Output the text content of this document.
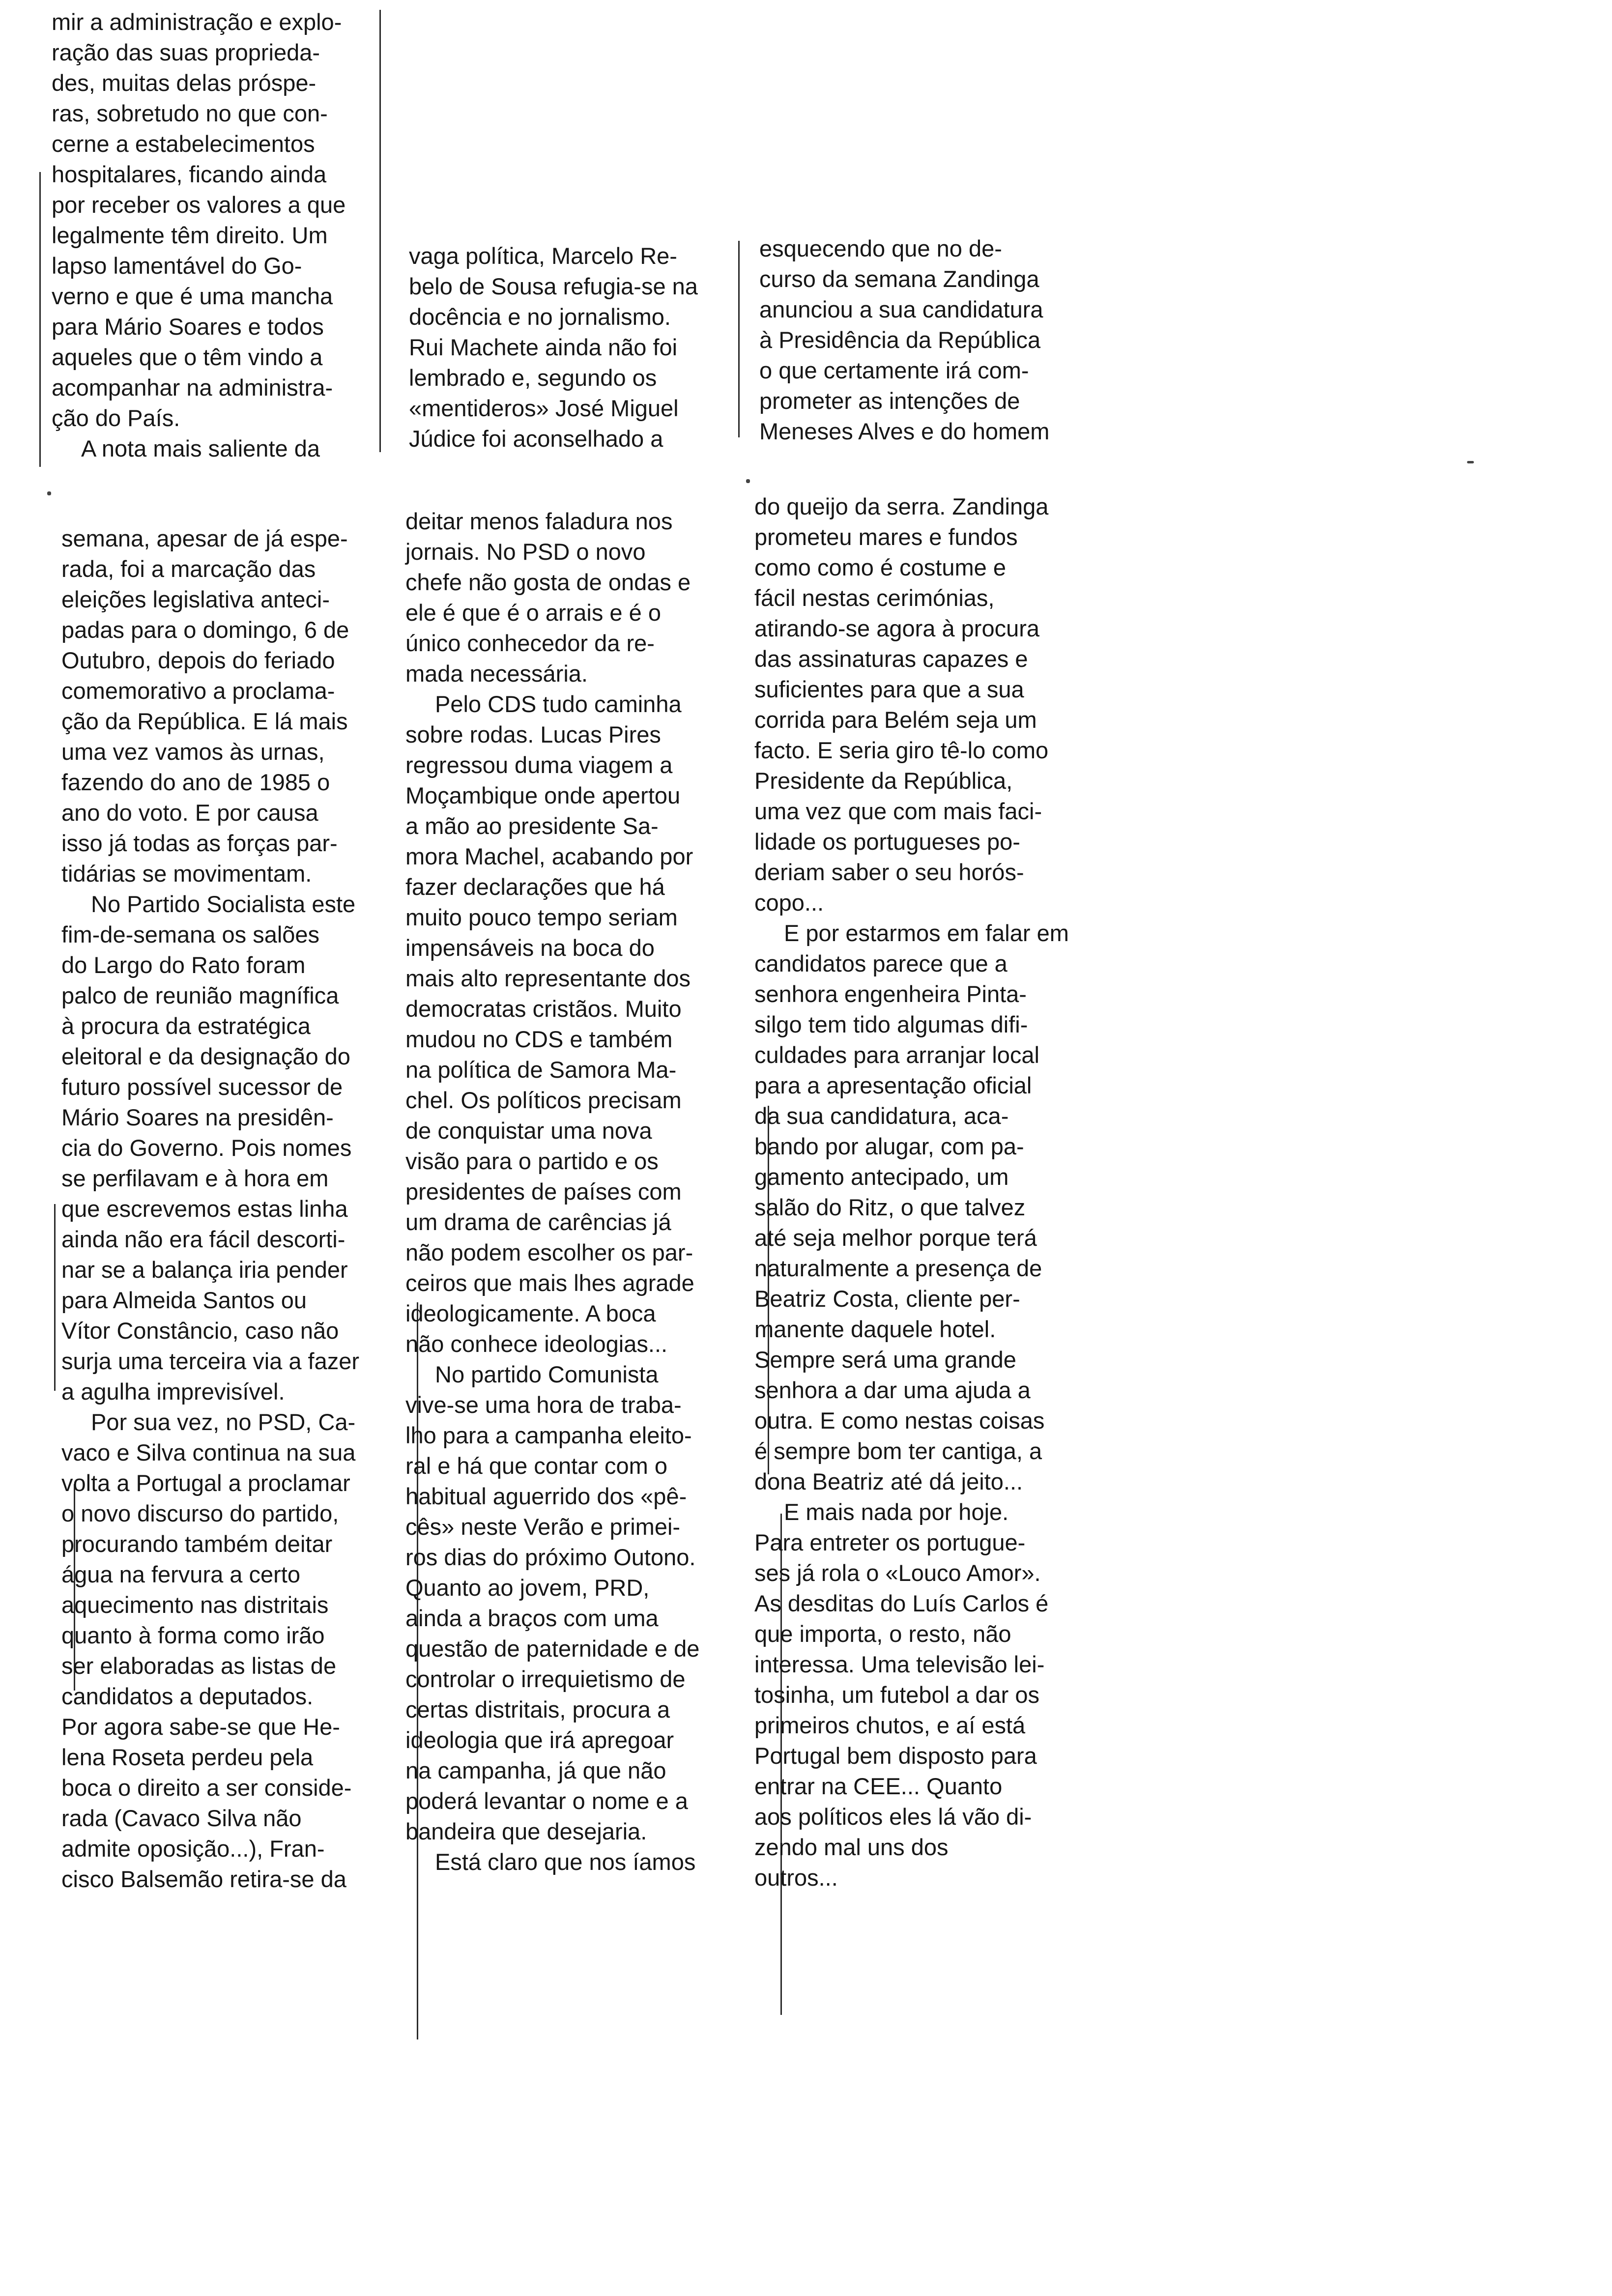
mir a administração e explo-
ração das suas proprieda-
des, muitas delas próspe-
ras, sobretudo no que con-
cerne a estabelecimentos
hospitalares, ficando ainda
por receber os valores a que
legalmente têm direito. Um
lapso lamentável do Go-
verno e que é uma mancha
para Mário Soares e todos
aqueles que o têm vindo a
acompanhar na administra-
ção do País.
A nota mais saliente da
vaga política, Marcelo Re-
belo de Sousa refugia-se na
docência e no jornalismo.
Rui Machete ainda não foi
lembrado e, segundo os
«mentideros» José Miguel
Júdice foi aconselhado a
esquecendo que no de-
curso da semana Zandinga
anunciou a sua candidatura
à Presidência da República
o que certamente irá com-
prometer as intenções de
Meneses Alves e do homem
semana, apesar de já espe-
rada, foi a marcação das
eleições legislativa anteci-
padas para o domingo, 6 de
Outubro, depois do feriado
comemorativo a proclama-
ção da República. E lá mais
uma vez vamos às urnas,
fazendo do ano de 1985 o
ano do voto. E por causa
isso já todas as forças par-
tidárias se movimentam.
No Partido Socialista este
fim-de-semana os salões
do Largo do Rato foram
palco de reunião magnífica
à procura da estratégica
eleitoral e da designação do
futuro possível sucessor de
Mário Soares na presidên-
cia do Governo. Pois nomes
se perfilavam e à hora em
que escrevemos estas linha
ainda não era fácil descorti-
nar se a balança iria pender
para Almeida Santos ou
Vítor Constâncio, caso não
surja uma terceira via a fazer
a agulha imprevisível.
Por sua vez, no PSD, Ca-
vaco e Silva continua na sua
volta a Portugal a proclamar
o novo discurso do partido,
procurando também deitar
água na fervura a certo
aquecimento nas distritais
quanto à forma como irão
ser elaboradas as listas de
candidatos a deputados.
Por agora sabe-se que He-
lena Roseta perdeu pela
boca o direito a ser conside-
rada (Cavaco Silva não
admite oposição...), Fran-
cisco Balsemão retira-se da
deitar menos faladura nos
jornais. No PSD o novo
chefe não gosta de ondas e
ele é que é o arrais e é o
único conhecedor da re-
mada necessária.
Pelo CDS tudo caminha
sobre rodas. Lucas Pires
regressou duma viagem a
Moçambique onde apertou
a mão ao presidente Sa-
mora Machel, acabando por
fazer declarações que há
muito pouco tempo seriam
impensáveis na boca do
mais alto representante dos
democratas cristãos. Muito
mudou no CDS e também
na política de Samora Ma-
chel. Os políticos precisam
de conquistar uma nova
visão para o partido e os
presidentes de países com
um drama de carências já
não podem escolher os par-
ceiros que mais lhes agrade
ideologicamente. A boca
não conhece ideologias...
No partido Comunista
vive-se uma hora de traba-
lho para a campanha eleito-
ral e há que contar com o
habitual aguerrido dos «pê-
cês» neste Verão e primei-
ros dias do próximo Outono.
Quanto ao jovem, PRD,
ainda a braços com uma
questão de paternidade e de
controlar o irrequietismo de
certas distritais, procura a
ideologia que irá apregoar
na campanha, já que não
poderá levantar o nome e a
bandeira que desejaria.
Está claro que nos íamos
do queijo da serra. Zandinga
prometeu mares e fundos
como como é costume e
fácil nestas cerimónias,
atirando-se agora à procura
das assinaturas capazes e
suficientes para que a sua
corrida para Belém seja um
facto. E seria giro tê-lo como
Presidente da República,
uma vez que com mais faci-
lidade os portugueses po-
deriam saber o seu horós-
copo...
E por estarmos em falar em
candidatos parece que a
senhora engenheira Pinta-
silgo tem tido algumas difi-
culdades para arranjar local
para a apresentação oficial
da sua candidatura, aca-
bando por alugar, com pa-
gamento antecipado, um
salão do Ritz, o que talvez
até seja melhor porque terá
naturalmente a presença de
Beatriz Costa, cliente per-
manente daquele hotel.
Sempre será uma grande
senhora a dar uma ajuda a
outra. E como nestas coisas
é sempre bom ter cantiga, a
dona Beatriz até dá jeito...
E mais nada por hoje.
Para entreter os portugue-
ses já rola o «Louco Amor».
As desditas do Luís Carlos é
que importa, o resto, não
interessa. Uma televisão lei-
tosinha, um futebol a dar os
primeiros chutos, e aí está
Portugal bem disposto para
entrar na CEE... Quanto
aos políticos eles lá vão di-
zendo mal uns dos
outros...
